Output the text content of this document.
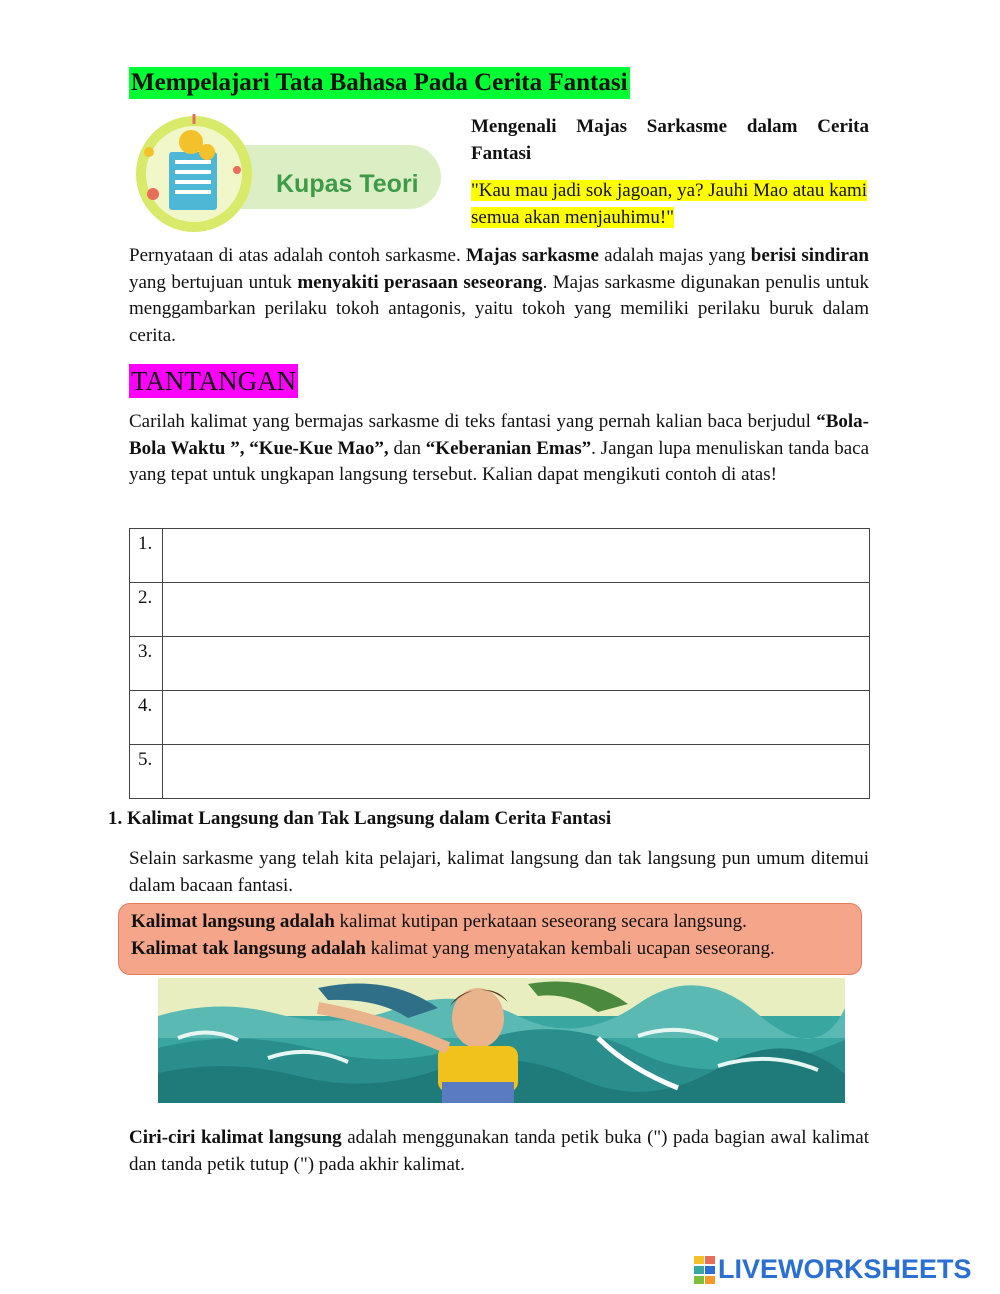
Mempelajari Tata Bahasa Pada Cerita Fantasi
Kupas Teori
Mengenali Majas Sarkasme dalam Cerita Fantasi
"Kau mau jadi sok jagoan, ya? Jauhi Mao atau kami semua akan menjauhimu!"
Pernyataan di atas adalah contoh sarkasme. Majas sarkasme adalah majas yang berisi sindiran yang bertujuan untuk menyakiti perasaan seseorang. Majas sarkasme digunakan penulis untuk menggambarkan perilaku tokoh antagonis, yaitu tokoh yang memiliki perilaku buruk dalam cerita.
TANTANGAN
Carilah kalimat yang bermajas sarkasme di teks fantasi yang pernah kalian baca berjudul “Bola-Bola Waktu ”, “Kue-Kue Mao”, dan “Keberanian Emas”. Jangan lupa menuliskan tanda baca yang tepat untuk ungkapan langsung tersebut. Kalian dapat mengikuti contoh di atas!
1.	
2.	
3.	
4.	
5.	
1. Kalimat Langsung dan Tak Langsung dalam Cerita Fantasi
Selain sarkasme yang telah kita pelajari, kalimat langsung dan tak langsung pun umum ditemui dalam bacaan fantasi.
Kalimat langsung adalah kalimat kutipan perkataan seseorang secara langsung.
Kalimat tak langsung adalah kalimat yang menyatakan kembali ucapan seseorang.
Ciri-ciri kalimat langsung adalah menggunakan tanda petik buka (") pada bagian awal kalimat dan tanda petik tutup (") pada akhir kalimat.
LIVEWORKSHEETS
